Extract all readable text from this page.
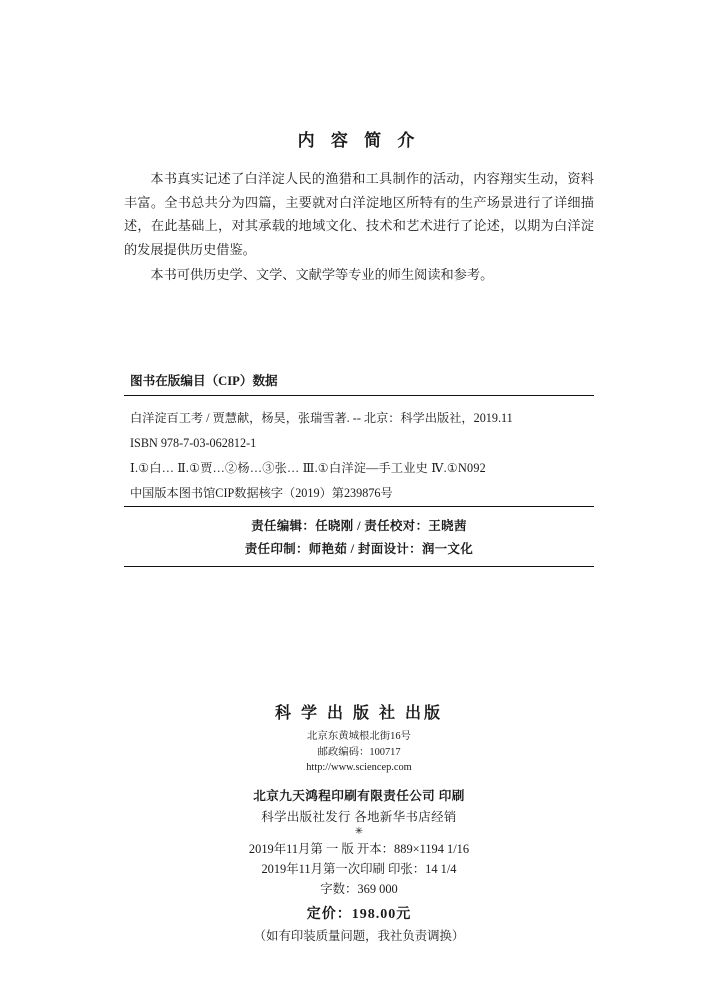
内 容 简 介

本书真实记述了白洋淀人民的渔猎和工具制作的活动，内容翔实生动，资料丰富。全书总共分为四篇，主要就对白洋淀地区所特有的生产场景进行了详细描述，在此基础上，对其承载的地域文化、技术和艺术进行了论述，以期为白洋淀的发展提供历史借鉴。

本书可供历史学、文学、文献学等专业的师生阅读和参考。

图书在版编目（CIP）数据
白洋淀百工考 / 贾慧献，杨昊，张瑞雪著. -- 北京：科学出版社，2019.11
ISBN 978-7-03-062812-1
Ⅰ.①白… Ⅱ.①贾…②杨…③张… Ⅲ.①白洋淀—手工业史 Ⅳ.①N092
中国版本图书馆CIP数据核字（2019）第239876号
责任编辑：任晓刚 / 责任校对：王晓茜
责任印制：师艳茹 / 封面设计：润一文化
科 学 出 版 社 出版
北京东黄城根北街16号
邮政编码：100717
http://www.sciencep.com
北京九天鸿程印刷有限责任公司 印刷
科学出版社发行 各地新华书店经销
✳
2019年11月第 一 版 开本：889×1194 1/16
2019年11月第一次印刷 印张：14 1/4
字数：369 000
定价：198.00元
（如有印装质量问题，我社负责调换）
